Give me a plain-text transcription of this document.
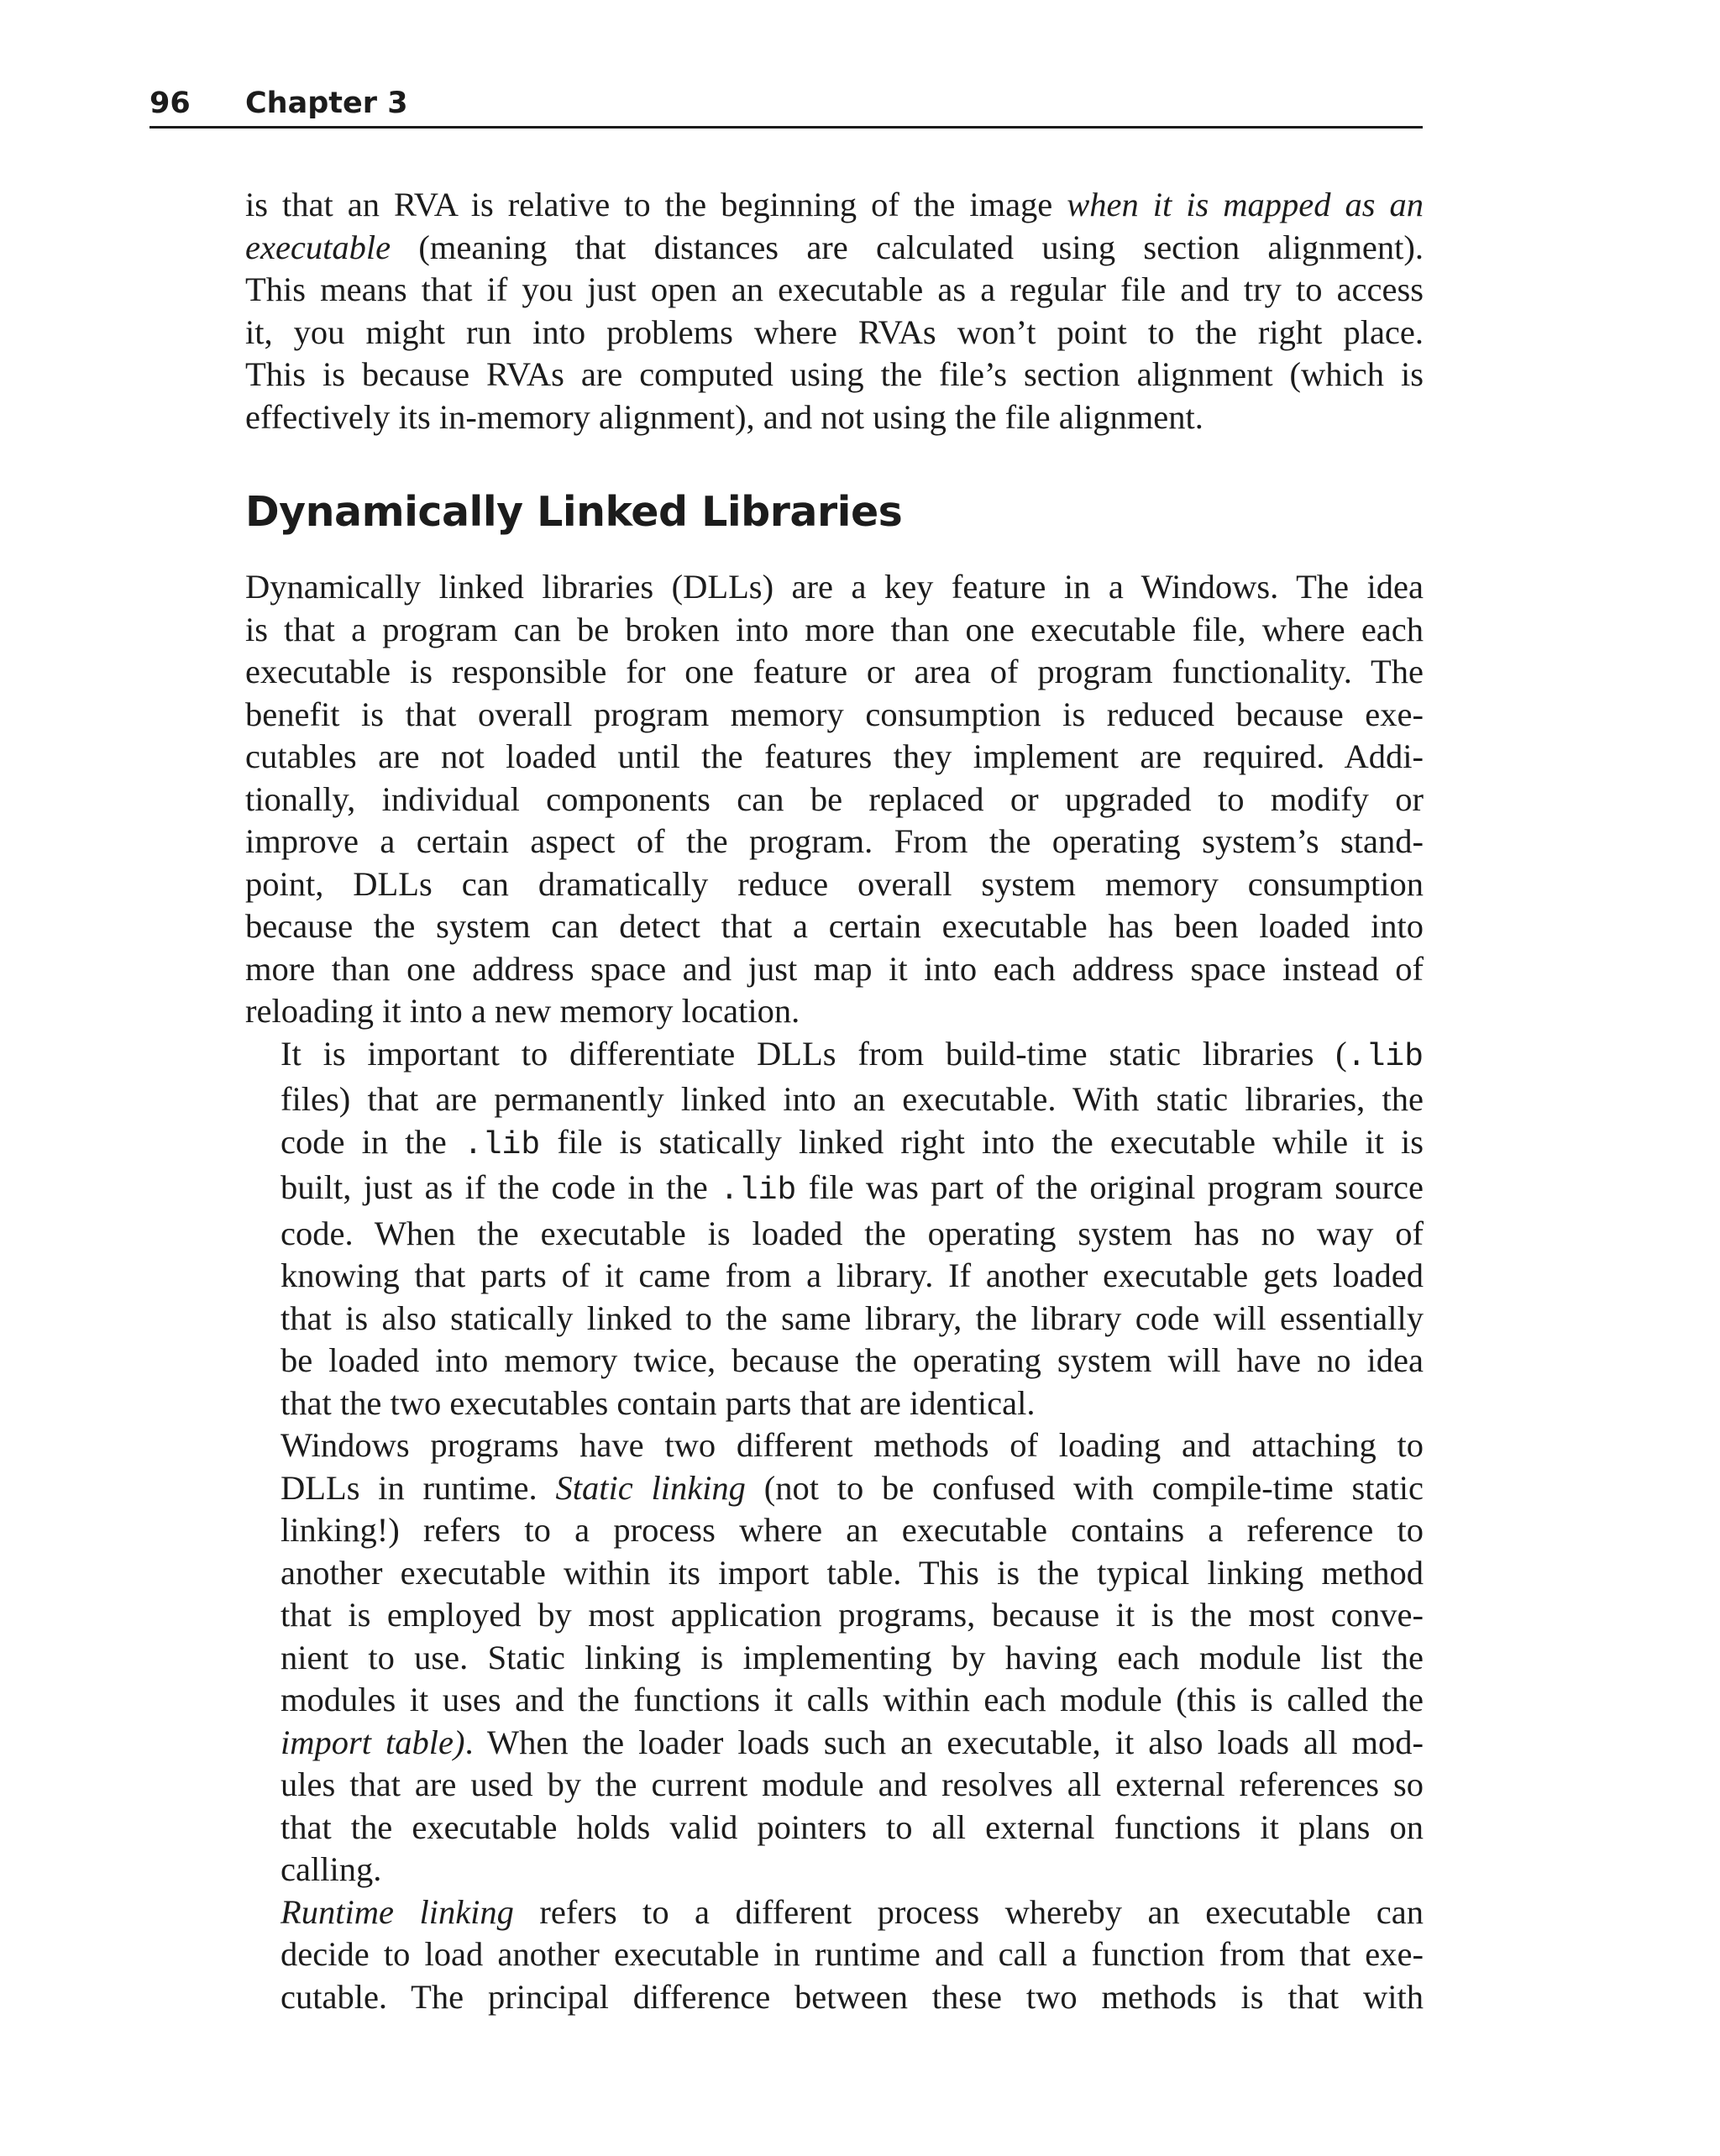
96 Chapter 3

is that an RVA is relative to the beginning of the image when it is mapped as an
executable (meaning that distances are calculated using section alignment).
This means that if you just open an executable as a regular file and try to access
it, you might run into problems where RVAs won’t point to the right place.
This is because RVAs are computed using the file’s section alignment (which is
effectively its in-memory alignment), and not using the file alignment.

Dynamically Linked Libraries

Dynamically linked libraries (DLLs) are a key feature in a Windows. The idea
is that a program can be broken into more than one executable file, where each
executable is responsible for one feature or area of program functionality. The
benefit is that overall program memory consumption is reduced because exe-
cutables are not loaded until the features they implement are required. Addi-
tionally, individual components can be replaced or upgraded to modify or
improve a certain aspect of the program. From the operating system’s stand-
point, DLLs can dramatically reduce overall system memory consumption
because the system can detect that a certain executable has been loaded into
more than one address space and just map it into each address space instead of
reloading it into a new memory location.

It is important to differentiate DLLs from build-time static libraries (.lib
files) that are permanently linked into an executable. With static libraries, the
code in the .lib file is statically linked right into the executable while it is
built, just as if the code in the .lib file was part of the original program source
code. When the executable is loaded the operating system has no way of
knowing that parts of it came from a library. If another executable gets loaded
that is also statically linked to the same library, the library code will essentially
be loaded into memory twice, because the operating system will have no idea
that the two executables contain parts that are identical.

Windows programs have two different methods of loading and attaching to
DLLs in runtime. Static linking (not to be confused with compile-time static
linking!) refers to a process where an executable contains a reference to
another executable within its import table. This is the typical linking method
that is employed by most application programs, because it is the most conve-
nient to use. Static linking is implementing by having each module list the
modules it uses and the functions it calls within each module (this is called the
import table). When the loader loads such an executable, it also loads all mod-
ules that are used by the current module and resolves all external references so
that the executable holds valid pointers to all external functions it plans on
calling.

Runtime linking refers to a different process whereby an executable can
decide to load another executable in runtime and call a function from that exe-
cutable. The principal difference between these two methods is that with
